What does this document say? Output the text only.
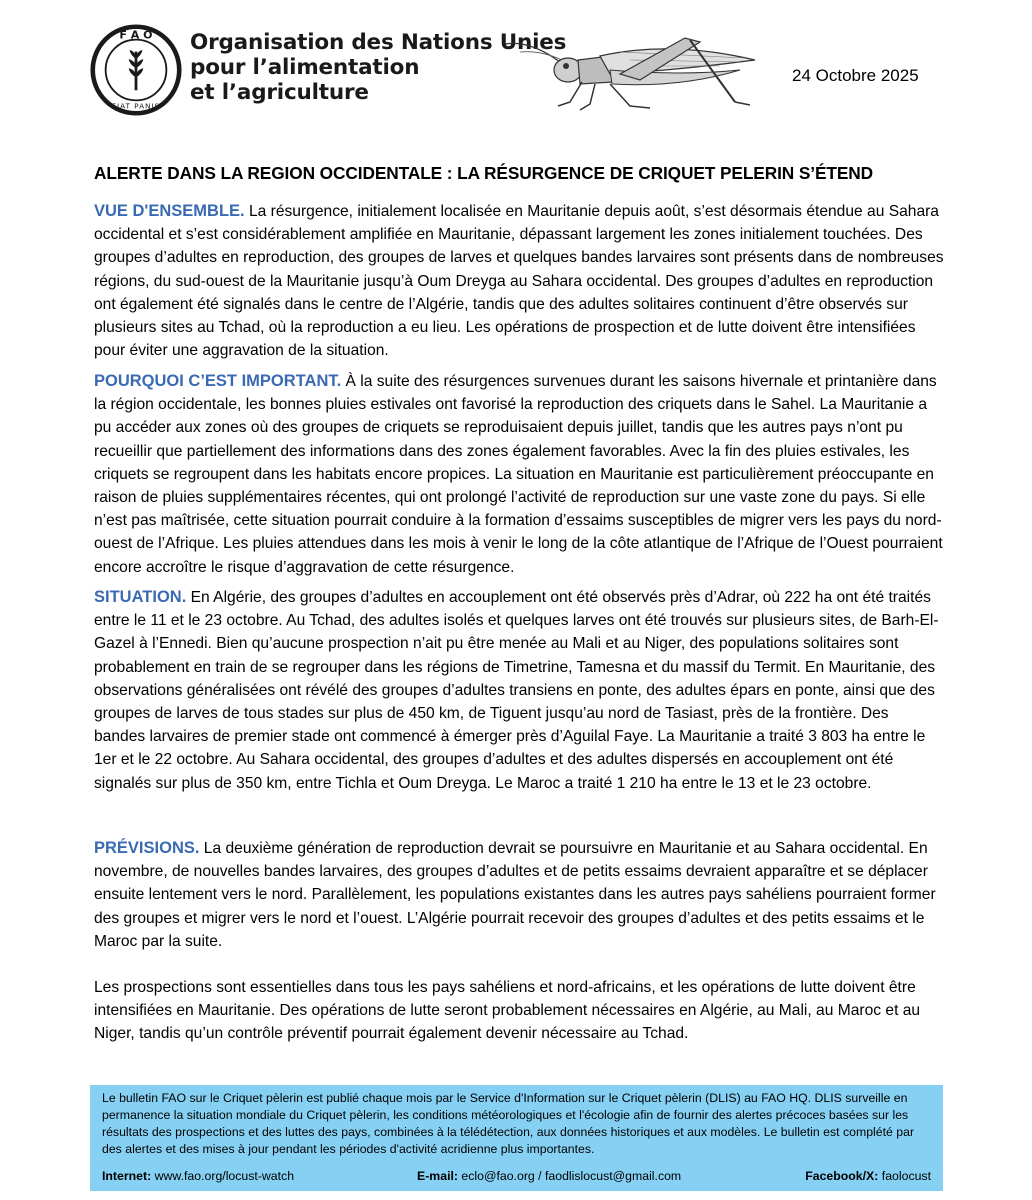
F A O
FIAT PANIS
Organisation des Nations Unies
pour l’alimentation
et l’agriculture
24 Octobre 2025
ALERTE DANS LA REGION OCCIDENTALE : LA RÉSURGENCE DE CRIQUET PELERIN S’ÉTEND

VUE D'ENSEMBLE. La résurgence, initialement localisée en Mauritanie depuis août, s’est désormais étendue au Sahara occidental et s’est considérablement amplifiée en Mauritanie, dépassant largement les zones initialement touchées. Des groupes d’adultes en reproduction, des groupes de larves et quelques bandes larvaires sont présents dans de nombreuses régions, du sud-ouest de la Mauritanie jusqu’à Oum Dreyga au Sahara occidental. Des groupes d’adultes en reproduction ont également été signalés dans le centre de l’Algérie, tandis que des adultes solitaires continuent d’être observés sur plusieurs sites au Tchad, où la reproduction a eu lieu. Les opérations de prospection et de lutte doivent être intensifiées pour éviter une aggravation de la situation.

POURQUOI C’EST IMPORTANT. À la suite des résurgences survenues durant les saisons hivernale et printanière dans la région occidentale, les bonnes pluies estivales ont favorisé la reproduction des criquets dans le Sahel. La Mauritanie a pu accéder aux zones où des groupes de criquets se reproduisaient depuis juillet, tandis que les autres pays n’ont pu recueillir que partiellement des informations dans des zones également favorables. Avec la fin des pluies estivales, les criquets se regroupent dans les habitats encore propices. La situation en Mauritanie est particulièrement préoccupante en raison de pluies supplémentaires récentes, qui ont prolongé l’activité de reproduction sur une vaste zone du pays. Si elle n’est pas maîtrisée, cette situation pourrait conduire à la formation d’essaims susceptibles de migrer vers les pays du nord-ouest de l’Afrique. Les pluies attendues dans les mois à venir le long de la côte atlantique de l’Afrique de l’Ouest pourraient encore accroître le risque d’aggravation de cette résurgence.

SITUATION. En Algérie, des groupes d’adultes en accouplement ont été observés près d’Adrar, où 222 ha ont été traités entre le 11 et le 23 octobre. Au Tchad, des adultes isolés et quelques larves ont été trouvés sur plusieurs sites, de Barh-El-Gazel à l’Ennedi. Bien qu’aucune prospection n’ait pu être menée au Mali et au Niger, des populations solitaires sont probablement en train de se regrouper dans les régions de Timetrine, Tamesna et du massif du Termit. En Mauritanie, des observations généralisées ont révélé des groupes d’adultes transiens en ponte, des adultes épars en ponte, ainsi que des groupes de larves de tous stades sur plus de 450 km, de Tiguent jusqu’au nord de Tasiast, près de la frontière. Des bandes larvaires de premier stade ont commencé à émerger près d’Aguilal Faye. La Mauritanie a traité 3 803 ha entre le 1er et le 22 octobre. Au Sahara occidental, des groupes d’adultes et des adultes dispersés en accouplement ont été signalés sur plus de 350 km, entre Tichla et Oum Dreyga. Le Maroc a traité 1 210 ha entre le 13 et le 23 octobre.

PRÉVISIONS. La deuxième génération de reproduction devrait se poursuivre en Mauritanie et au Sahara occidental. En novembre, de nouvelles bandes larvaires, des groupes d’adultes et de petits essaims devraient apparaître et se déplacer ensuite lentement vers le nord. Parallèlement, les populations existantes dans les autres pays sahéliens pourraient former des groupes et migrer vers le nord et l’ouest. L’Algérie pourrait recevoir des groupes d’adultes et des petits essaims et le Maroc par la suite.

Les prospections sont essentielles dans tous les pays sahéliens et nord-africains, et les opérations de lutte doivent être intensifiées en Mauritanie. Des opérations de lutte seront probablement nécessaires en Algérie, au Mali, au Maroc et au Niger, tandis qu’un contrôle préventif pourrait également devenir nécessaire au Tchad.

Le bulletin FAO sur le Criquet pèlerin est publié chaque mois par le Service d'Information sur le Criquet pèlerin (DLIS) au FAO HQ. DLIS surveille en permanence la situation mondiale du Criquet pèlerin, les conditions météorologiques et l'écologie afin de fournir des alertes précoces basées sur les résultats des prospections et des luttes des pays, combinées à la télédétection, aux données historiques et aux modèles. Le bulletin est complété par des alertes et des mises à jour pendant les périodes d'activité acridienne plus importantes.

Internet: www.fao.org/locust-watch	E-mail: eclo@fao.org / faodlislocust@gmail.com	Facebook/X: faolocust
